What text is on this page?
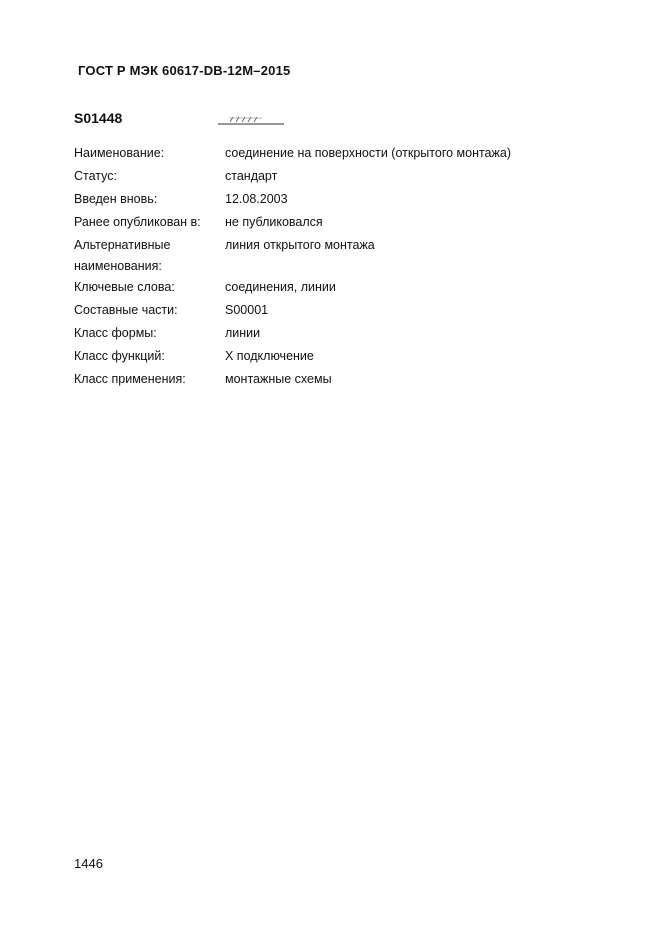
ГОСТ Р МЭК 60617-DB-12M–2015
S01448
Наименование:	соединение на поверхности (открытого монтажа)
Статус:	стандарт
Введен вновь:	12.08.2003
Ранее опубликован в:	не публиковался
Альтернативные наименования:
линия открытого монтажа
Ключевые слова:	соединения, линии
Составные части:	S00001
Класс формы:	линии
Класс функций:	X подключение
Класс применения:	монтажные схемы
1446
